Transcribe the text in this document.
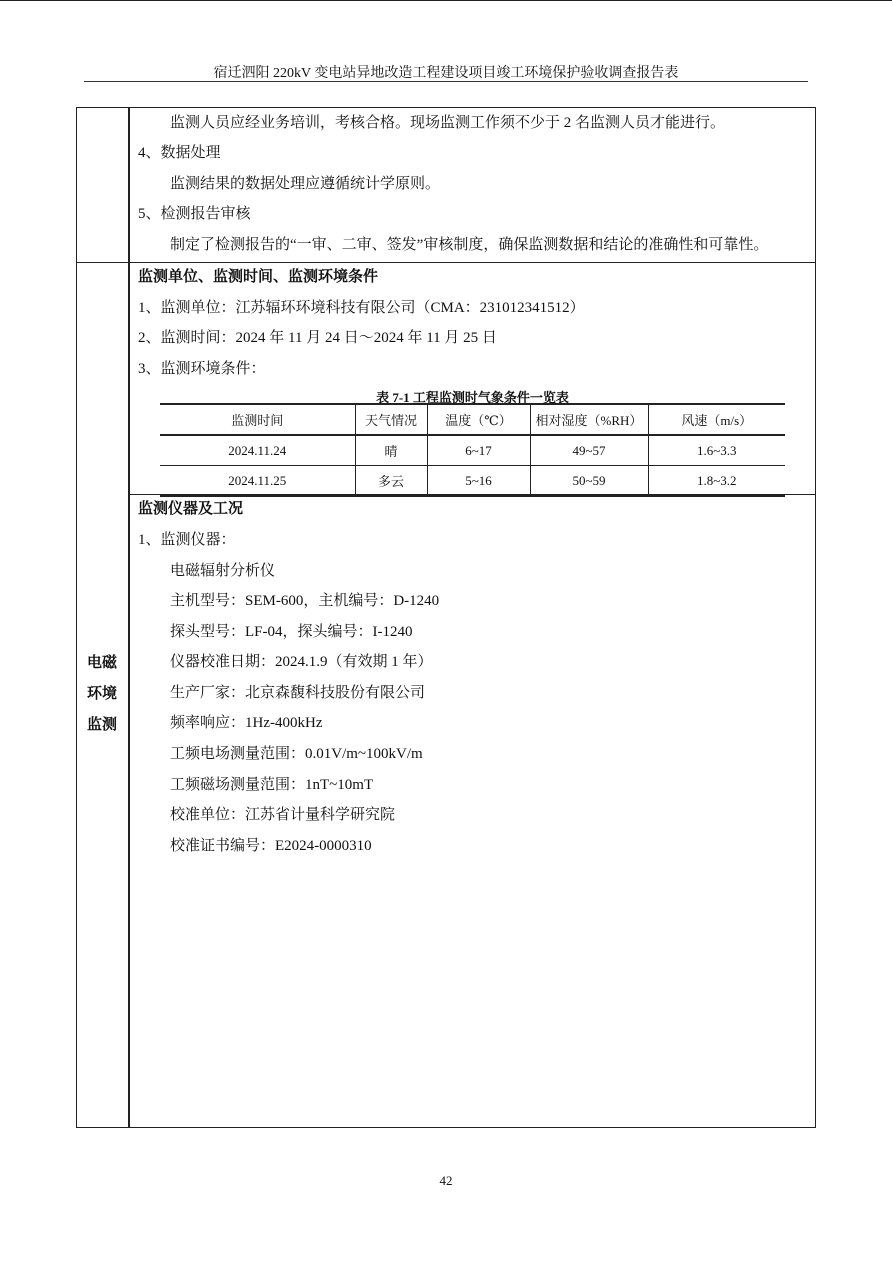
宿迁泗阳 220kV 变电站异地改造工程建设项目竣工环境保护验收调查报告表
监测人员应经业务培训，考核合格。现场监测工作须不少于 2 名监测人员才能进行。
4、数据处理
监测结果的数据处理应遵循统计学原则。
5、检测报告审核
制定了检测报告的“一审、二审、签发”审核制度，确保监测数据和结论的准确性和可靠性。
电磁
环境
监测
监测单位、监测时间、监测环境条件
1、监测单位：江苏辐环环境科技有限公司（CMA：231012341512）
2、监测时间：2024 年 11 月 24 日～2024 年 11 月 25 日
3、监测环境条件：
表 7-1 工程监测时气象条件一览表
监测时间	天气情况	温度（℃）	相对湿度（%RH）	风速（m/s）
2024.11.24	晴	6~17	49~57	1.6~3.3
2024.11.25	多云	5~16	50~59	1.8~3.2
监测仪器及工况
1、监测仪器：
电磁辐射分析仪
主机型号：SEM-600，主机编号：D-1240
探头型号：LF-04，探头编号：I-1240
仪器校准日期：2024.1.9（有效期 1 年）
生产厂家：北京森馥科技股份有限公司
频率响应：1Hz-400kHz
工频电场测量范围：0.01V/m~100kV/m
工频磁场测量范围：1nT~10mT
校准单位：江苏省计量科学研究院
校准证书编号：E2024-0000310
42
